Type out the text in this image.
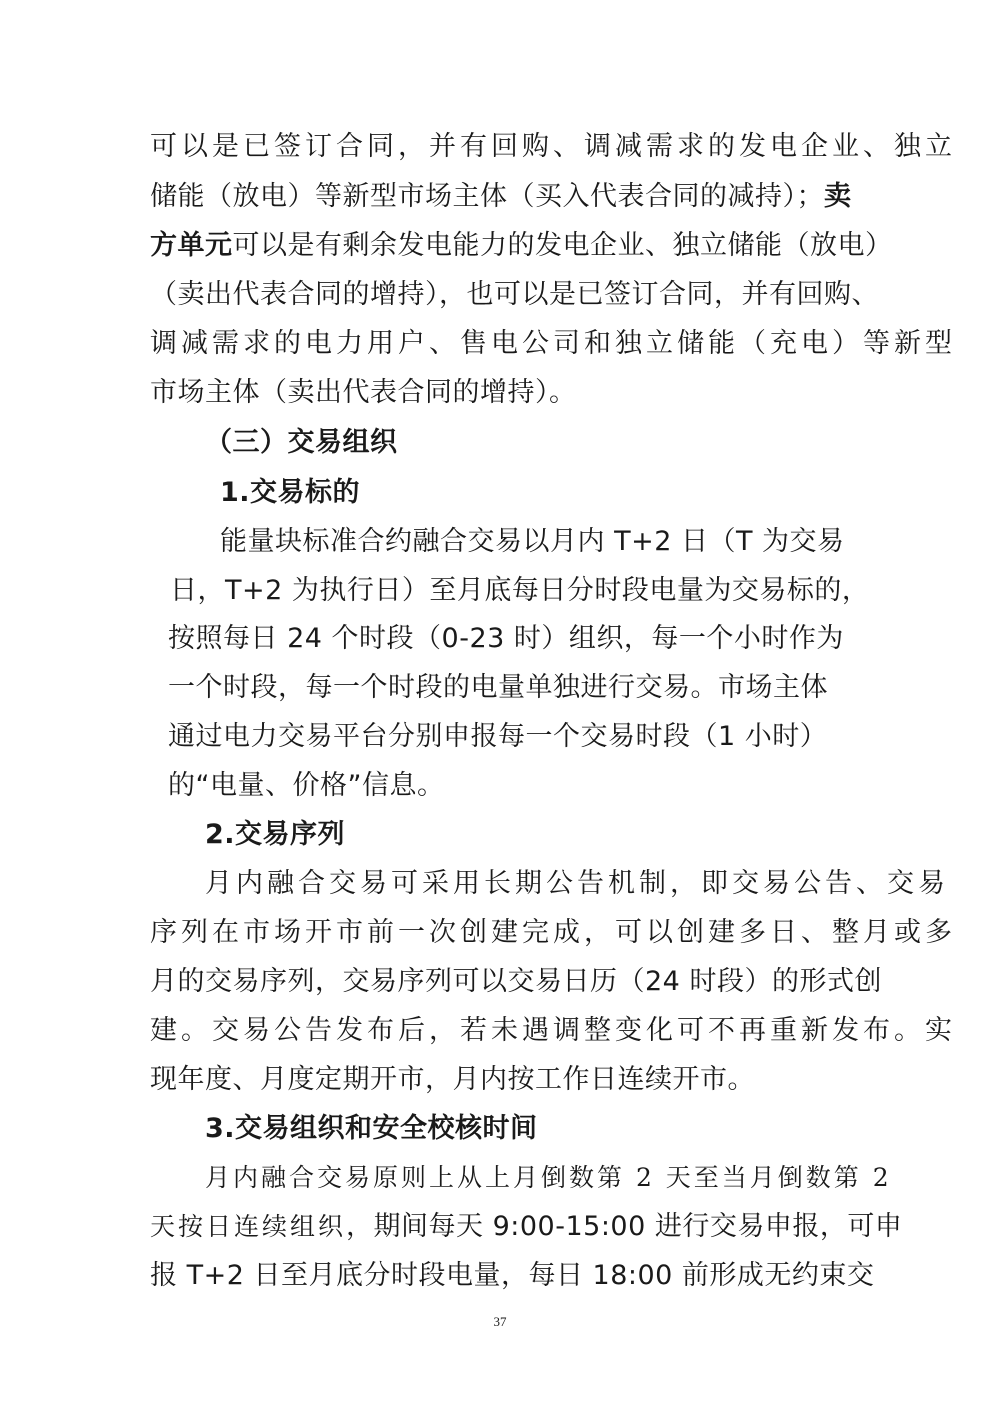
可以是已签订合同，并有回购、调减需求的发电企业、独立
储能（放电）等新型市场主体（买入代表合同的减持）；卖
方单元可以是有剩余发电能力的发电企业、独立储能（放电）
（卖出代表合同的增持），也可以是已签订合同，并有回购、
调减需求的电力用户、售电公司和独立储能（充电）等新型
市场主体（卖出代表合同的增持）。
（三）交易组织
1.交易标的
能量块标准合约融合交易以月内 T+2 日（T 为交易
日，T+2 为执行日）至月底每日分时段电量为交易标的，
按照每日 24 个时段（0-23 时）组织，每一个小时作为
一个时段，每一个时段的电量单独进行交易。市场主体
通过电力交易平台分别申报每一个交易时段（1 小时）
的“电量、价格”信息。
2.交易序列
月内融合交易可采用长期公告机制，即交易公告、交易
序列在市场开市前一次创建完成，可以创建多日、整月或多
月的交易序列，交易序列可以交易日历（24 时段）的形式创
建。交易公告发布后，若未遇调整变化可不再重新发布。实
现年度、月度定期开市，月内按工作日连续开市。
3.交易组织和安全校核时间
月内融合交易原则上从上月倒数第 2 天至当月倒数第 2
天按日连续组织，期间每天 9:00-15:00 进行交易申报，可申
报 T+2 日至月底分时段电量，每日 18:00 前形成无约束交
37
